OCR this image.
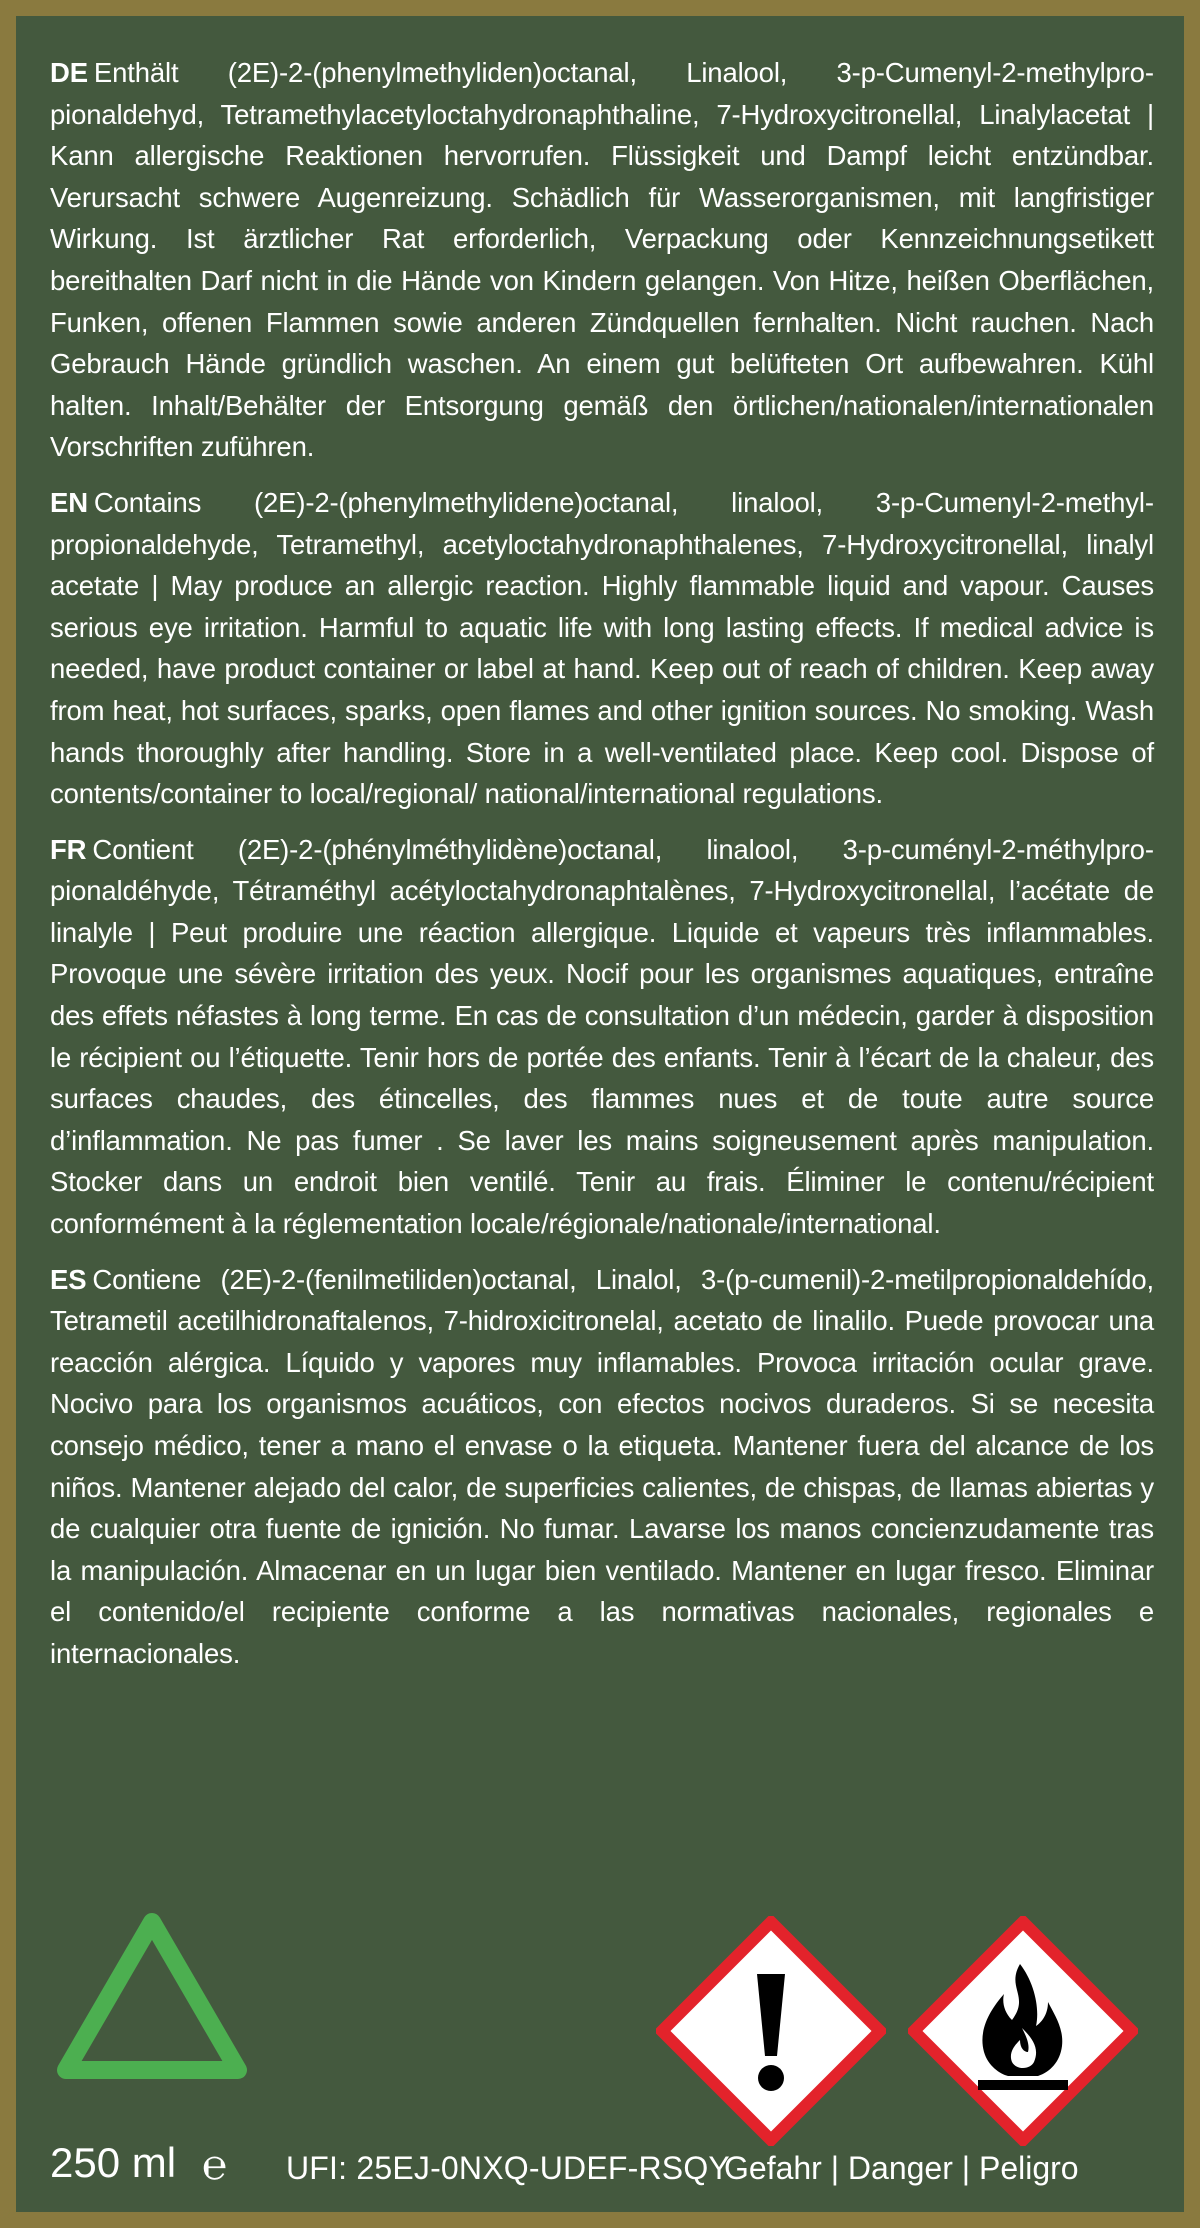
DE Enthält (2E)-2-(phenylmethyliden)octanal, Linalool, 3-p-Cumenyl-2-methylpropionaldehyd, Tetramethylacetyloctahydronaphthaline, 7-Hydroxycitronellal, Linalylacetat | Kann allergische Reaktionen hervorrufen. Flüssigkeit und Dampf leicht entzündbar. Verursacht schwere Augenreizung. Schädlich für Wasserorganismen, mit langfristiger Wirkung. Ist ärztlicher Rat erforderlich, Verpackung oder Kennzeichnungsetikett bereithalten Darf nicht in die Hände von Kindern gelangen. Von Hitze, heißen Oberflächen, Funken, offenen Flammen sowie anderen Zündquellen fernhalten. Nicht rauchen. Nach Gebrauch Hände gründlich waschen. An einem gut belüfteten Ort aufbewahren. Kühl halten. Inhalt/Behälter der Entsorgung gemäß den örtlichen/nationalen/internationalen Vorschriften zuführen.

EN Contains (2E)-2-(phenylmethylidene)octanal, linalool, 3-p-Cumenyl-2-methylpropionaldehyde, Tetramethyl, acetyloctahydronaphthalenes, 7-Hydroxycitronellal, linalyl acetate | May produce an allergic reaction. Highly flammable liquid and vapour. Causes serious eye irritation. Harmful to aquatic life with long lasting effects. If medical advice is needed, have product container or label at hand. Keep out of reach of children. Keep away from heat, hot surfaces, sparks, open flames and other ignition sources. No smoking. Wash hands thoroughly after handling. Store in a well-ventilated place. Keep cool. Dispose of contents/container to local/regional/ national/international regulations.

FR Contient (2E)-2-(phénylméthylidène)octanal, linalool, 3-p-cuményl-2-méthylpropionaldéhyde, Tétraméthyl acétyloctahydronaphtalènes, 7-Hydroxycitronellal, l’acétate de linalyle | Peut produire une réaction allergique. Liquide et vapeurs très inflammables. Provoque une sévère irritation des yeux. Nocif pour les organismes aquatiques, entraîne des effets néfastes à long terme. En cas de consultation d’un médecin, garder à disposition le récipient ou l’étiquette. Tenir hors de portée des enfants. Tenir à l’écart de la chaleur, des surfaces chaudes, des étincelles, des flammes nues et de toute autre source d’inflammation. Ne pas fumer . Se laver les mains soigneusement après manipulation. Stocker dans un endroit bien ventilé. Tenir au frais. Éliminer le contenu/récipient conformément à la réglementation locale/régionale/nationale/international.

ES Contiene (2E)-2-(fenilmetiliden)octanal, Linalol, 3-(p-cumenil)-2-metilpropionaldehído, Tetrametil acetilhidronaftalenos, 7-hidroxicitronelal, acetato de linalilo. Puede provocar una reacción alérgica. Líquido y vapores muy inflamables. Provoca irritación ocular grave. Nocivo para los organismos acuáticos, con efectos nocivos duraderos. Si se necesita consejo médico, tener a mano el envase o la etiqueta. Mantener fuera del alcance de los niños. Mantener alejado del calor, de superficies calientes, de chispas, de llamas abiertas y de cualquier otra fuente de ignición. No fumar. Lavarse los manos concienzudamente tras la manipulación. Almacenar en un lugar bien ventilado. Mantener en lugar fresco. Eliminar el contenido/el recipiente conforme a las normativas nacionales, regionales e internacionales.

250 ml ℮ UFI: 25EJ-0NXQ-UDEF-RSQY
Gefahr | Danger | Peligro
